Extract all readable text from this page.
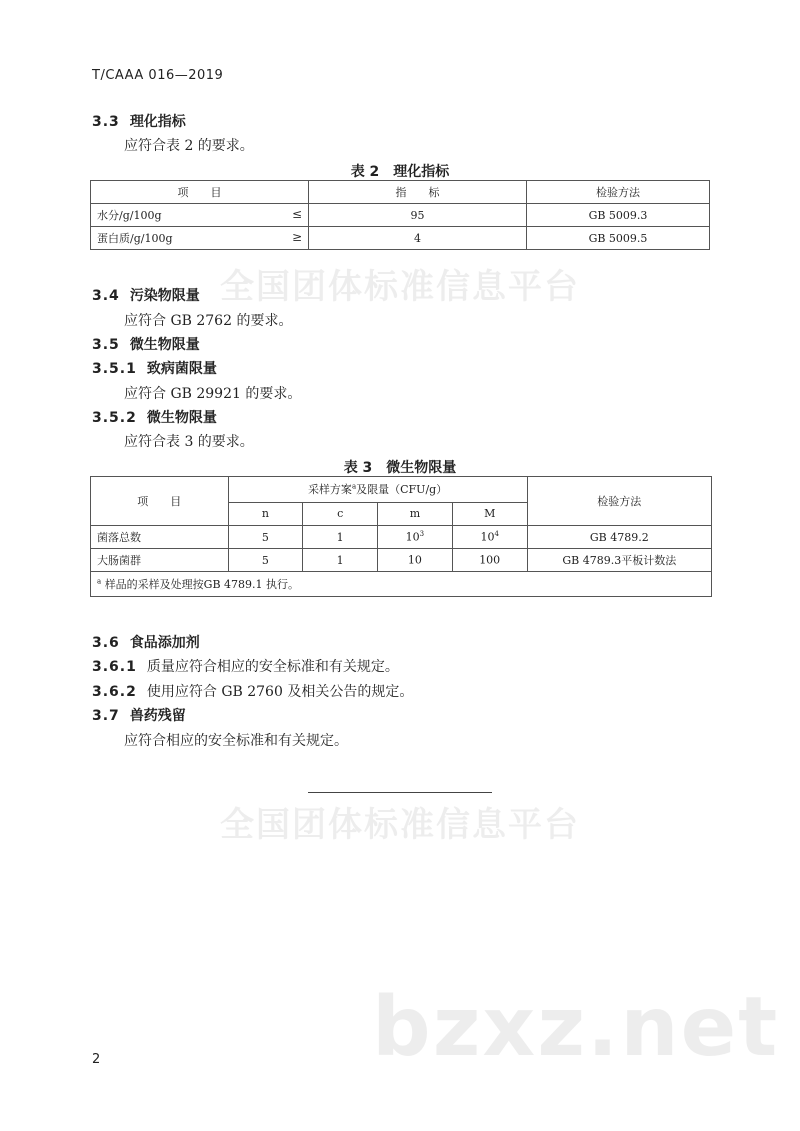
T/CAAA 016—2019
3.3 理化指标
应符合表 2 的要求。
表 2　理化指标
项　　目	指　　标	检验方法
水分/g/100g ≤	95	GB 5009.3
蛋白质/g/100g ≥	4	GB 5009.5
3.4 污染物限量
应符合 GB 2762 的要求。
3.5 微生物限量
3.5.1 致病菌限量
应符合 GB 29921 的要求。
3.5.2 微生物限量
应符合表 3 的要求。
表 3　微生物限量
项　　目	采样方案$^a$及限量（CFU/g）				检验方法
	n	c	m	M	
菌落总数	5	1	$10^3$	$10^4$	GB 4789.2
大肠菌群	5	1	10	100	GB 4789.3平板计数法
$^a$ 样品的采样及处理按GB 4789.1 执行。					
3.6 食品添加剂
3.6.1 质量应符合相应的安全标准和有关规定。
3.6.2 使用应符合 GB 2760 及相关公告的规定。
3.7 兽药残留
应符合相应的安全标准和有关规定。
全国团体标准信息平台
全国团体标准信息平台
bzxz.net
2
